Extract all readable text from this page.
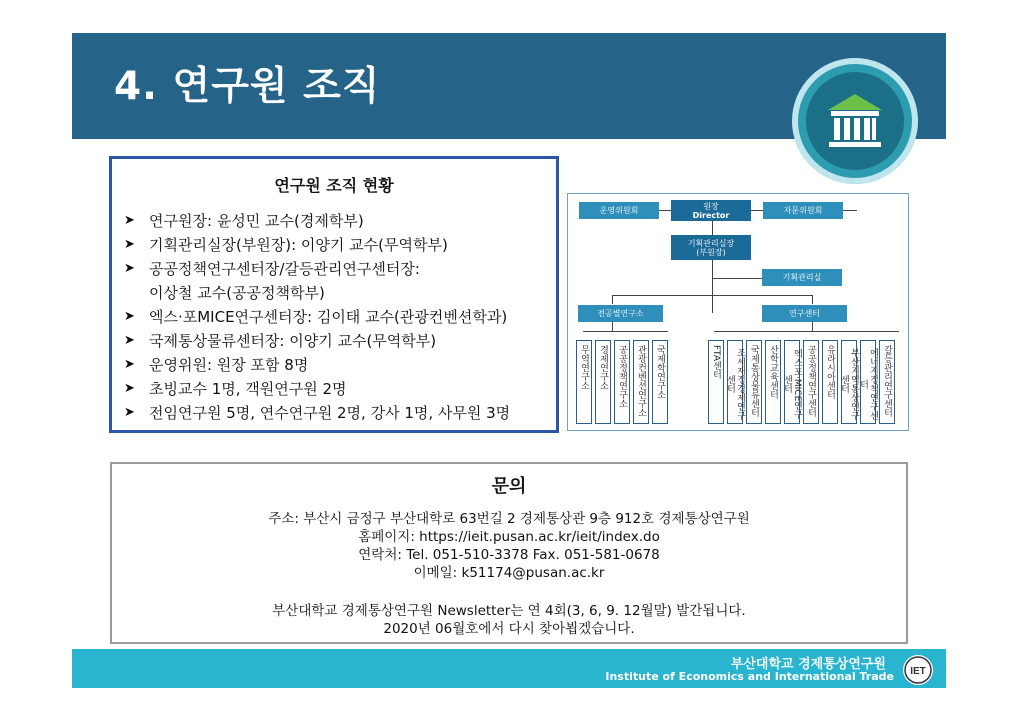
4. 연구원 조직
연구원 조직 현황
➤ 연구원장: 윤성민 교수(경제학부)
➤ 기획관리실장(부원장): 이양기 교수(무역학부)
➤ 공공정책연구센터장/갈등관리연구센터장:
이상철 교수(공공정책학부)
➤ 엑스·포MICE연구센터장: 김이태 교수(관광컨벤션학과)
➤ 국제통상물류센터장: 이양기 교수(무역학부)
➤ 운영위원: 원장 포함 8명
➤ 초빙교수 1명, 객원연구원 2명
➤ 전임연구원 5명, 연수연구원 2명, 강사 1명, 사무원 3명
운영위원회	원장
Director	자문위원회
기획관리실장
(부원장)
기획관리실
전공별연구소	연구센터
무역연구소	경제연구소	공공정책연구소	관광컨벤션연구소	국제학연구소	FTA센터	조세재정경제연구센터	국제통상물류센터	산학교육센터	엑스포·MICE연구센터	공공정책연구센터	유라시아센터	부산지역통상연구센터	에너지정책연구센터	갈등관리연구센터
문의
주소: 부산시 금정구 부산대학로 63번길 2 경제통상관 9층 912호 경제통상연구원
홈페이지: https://ieit.pusan.ac.kr/ieit/index.do
연락처: Tel. 051-510-3378 Fax. 051-581-0678
이메일: k51174@pusan.ac.kr
부산대학교 경제통상연구원 Newsletter는 연 4회(3, 6, 9. 12월말) 발간됩니다.
2020년 06월호에서 다시 찾아뵙겠습니다.
부산대학교 경제통상연구원
Institute of Economics and International Trade IET
